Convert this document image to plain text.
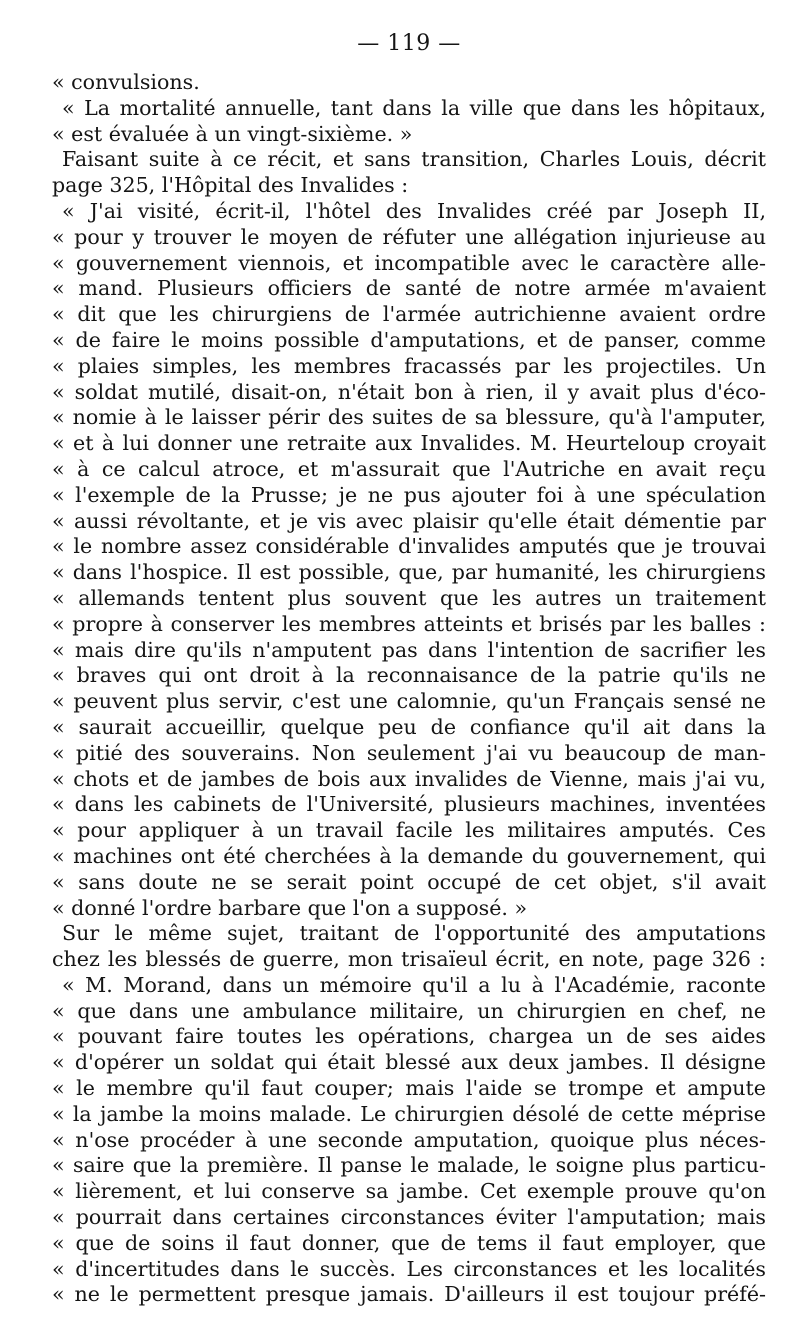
— 119 —
« convulsions.
« La mortalité annuelle, tant dans la ville que dans les hôpitaux,
« est évaluée à un vingt-sixième. »
Faisant suite à ce récit, et sans transition, Charles Louis, décrit
page 325, l'Hôpital des Invalides :
« J'ai visité, écrit-il, l'hôtel des Invalides créé par Joseph II,
« pour y trouver le moyen de réfuter une allégation injurieuse au
« gouvernement viennois, et incompatible avec le caractère alle-
« mand. Plusieurs officiers de santé de notre armée m'avaient
« dit que les chirurgiens de l'armée autrichienne avaient ordre
« de faire le moins possible d'amputations, et de panser, comme
« plaies simples, les membres fracassés par les projectiles. Un
« soldat mutilé, disait-on, n'était bon à rien, il y avait plus d'éco-
« nomie à le laisser périr des suites de sa blessure, qu'à l'amputer,
« et à lui donner une retraite aux Invalides. M. Heurteloup croyait
« à ce calcul atroce, et m'assurait que l'Autriche en avait reçu
« l'exemple de la Prusse; je ne pus ajouter foi à une spéculation
« aussi révoltante, et je vis avec plaisir qu'elle était démentie par
« le nombre assez considérable d'invalides amputés que je trouvai
« dans l'hospice. Il est possible, que, par humanité, les chirurgiens
« allemands tentent plus souvent que les autres un traitement
« propre à conserver les membres atteints et brisés par les balles :
« mais dire qu'ils n'amputent pas dans l'intention de sacrifier les
« braves qui ont droit à la reconnaisance de la patrie qu'ils ne
« peuvent plus servir, c'est une calomnie, qu'un Français sensé ne
« saurait accueillir, quelque peu de confiance qu'il ait dans la
« pitié des souverains. Non seulement j'ai vu beaucoup de man-
« chots et de jambes de bois aux invalides de Vienne, mais j'ai vu,
« dans les cabinets de l'Université, plusieurs machines, inventées
« pour appliquer à un travail facile les militaires amputés. Ces
« machines ont été cherchées à la demande du gouvernement, qui
« sans doute ne se serait point occupé de cet objet, s'il avait
« donné l'ordre barbare que l'on a supposé. »
Sur le même sujet, traitant de l'opportunité des amputations
chez les blessés de guerre, mon trisaïeul écrit, en note, page 326 :
« M. Morand, dans un mémoire qu'il a lu à l'Académie, raconte
« que dans une ambulance militaire, un chirurgien en chef, ne
« pouvant faire toutes les opérations, chargea un de ses aides
« d'opérer un soldat qui était blessé aux deux jambes. Il désigne
« le membre qu'il faut couper; mais l'aide se trompe et ampute
« la jambe la moins malade. Le chirurgien désolé de cette méprise
« n'ose procéder à une seconde amputation, quoique plus néces-
« saire que la première. Il panse le malade, le soigne plus particu-
« lièrement, et lui conserve sa jambe. Cet exemple prouve qu'on
« pourrait dans certaines circonstances éviter l'amputation; mais
« que de soins il faut donner, que de tems il faut employer, que
« d'incertitudes dans le succès. Les circonstances et les localités
« ne le permettent presque jamais. D'ailleurs il est toujour préfé-
